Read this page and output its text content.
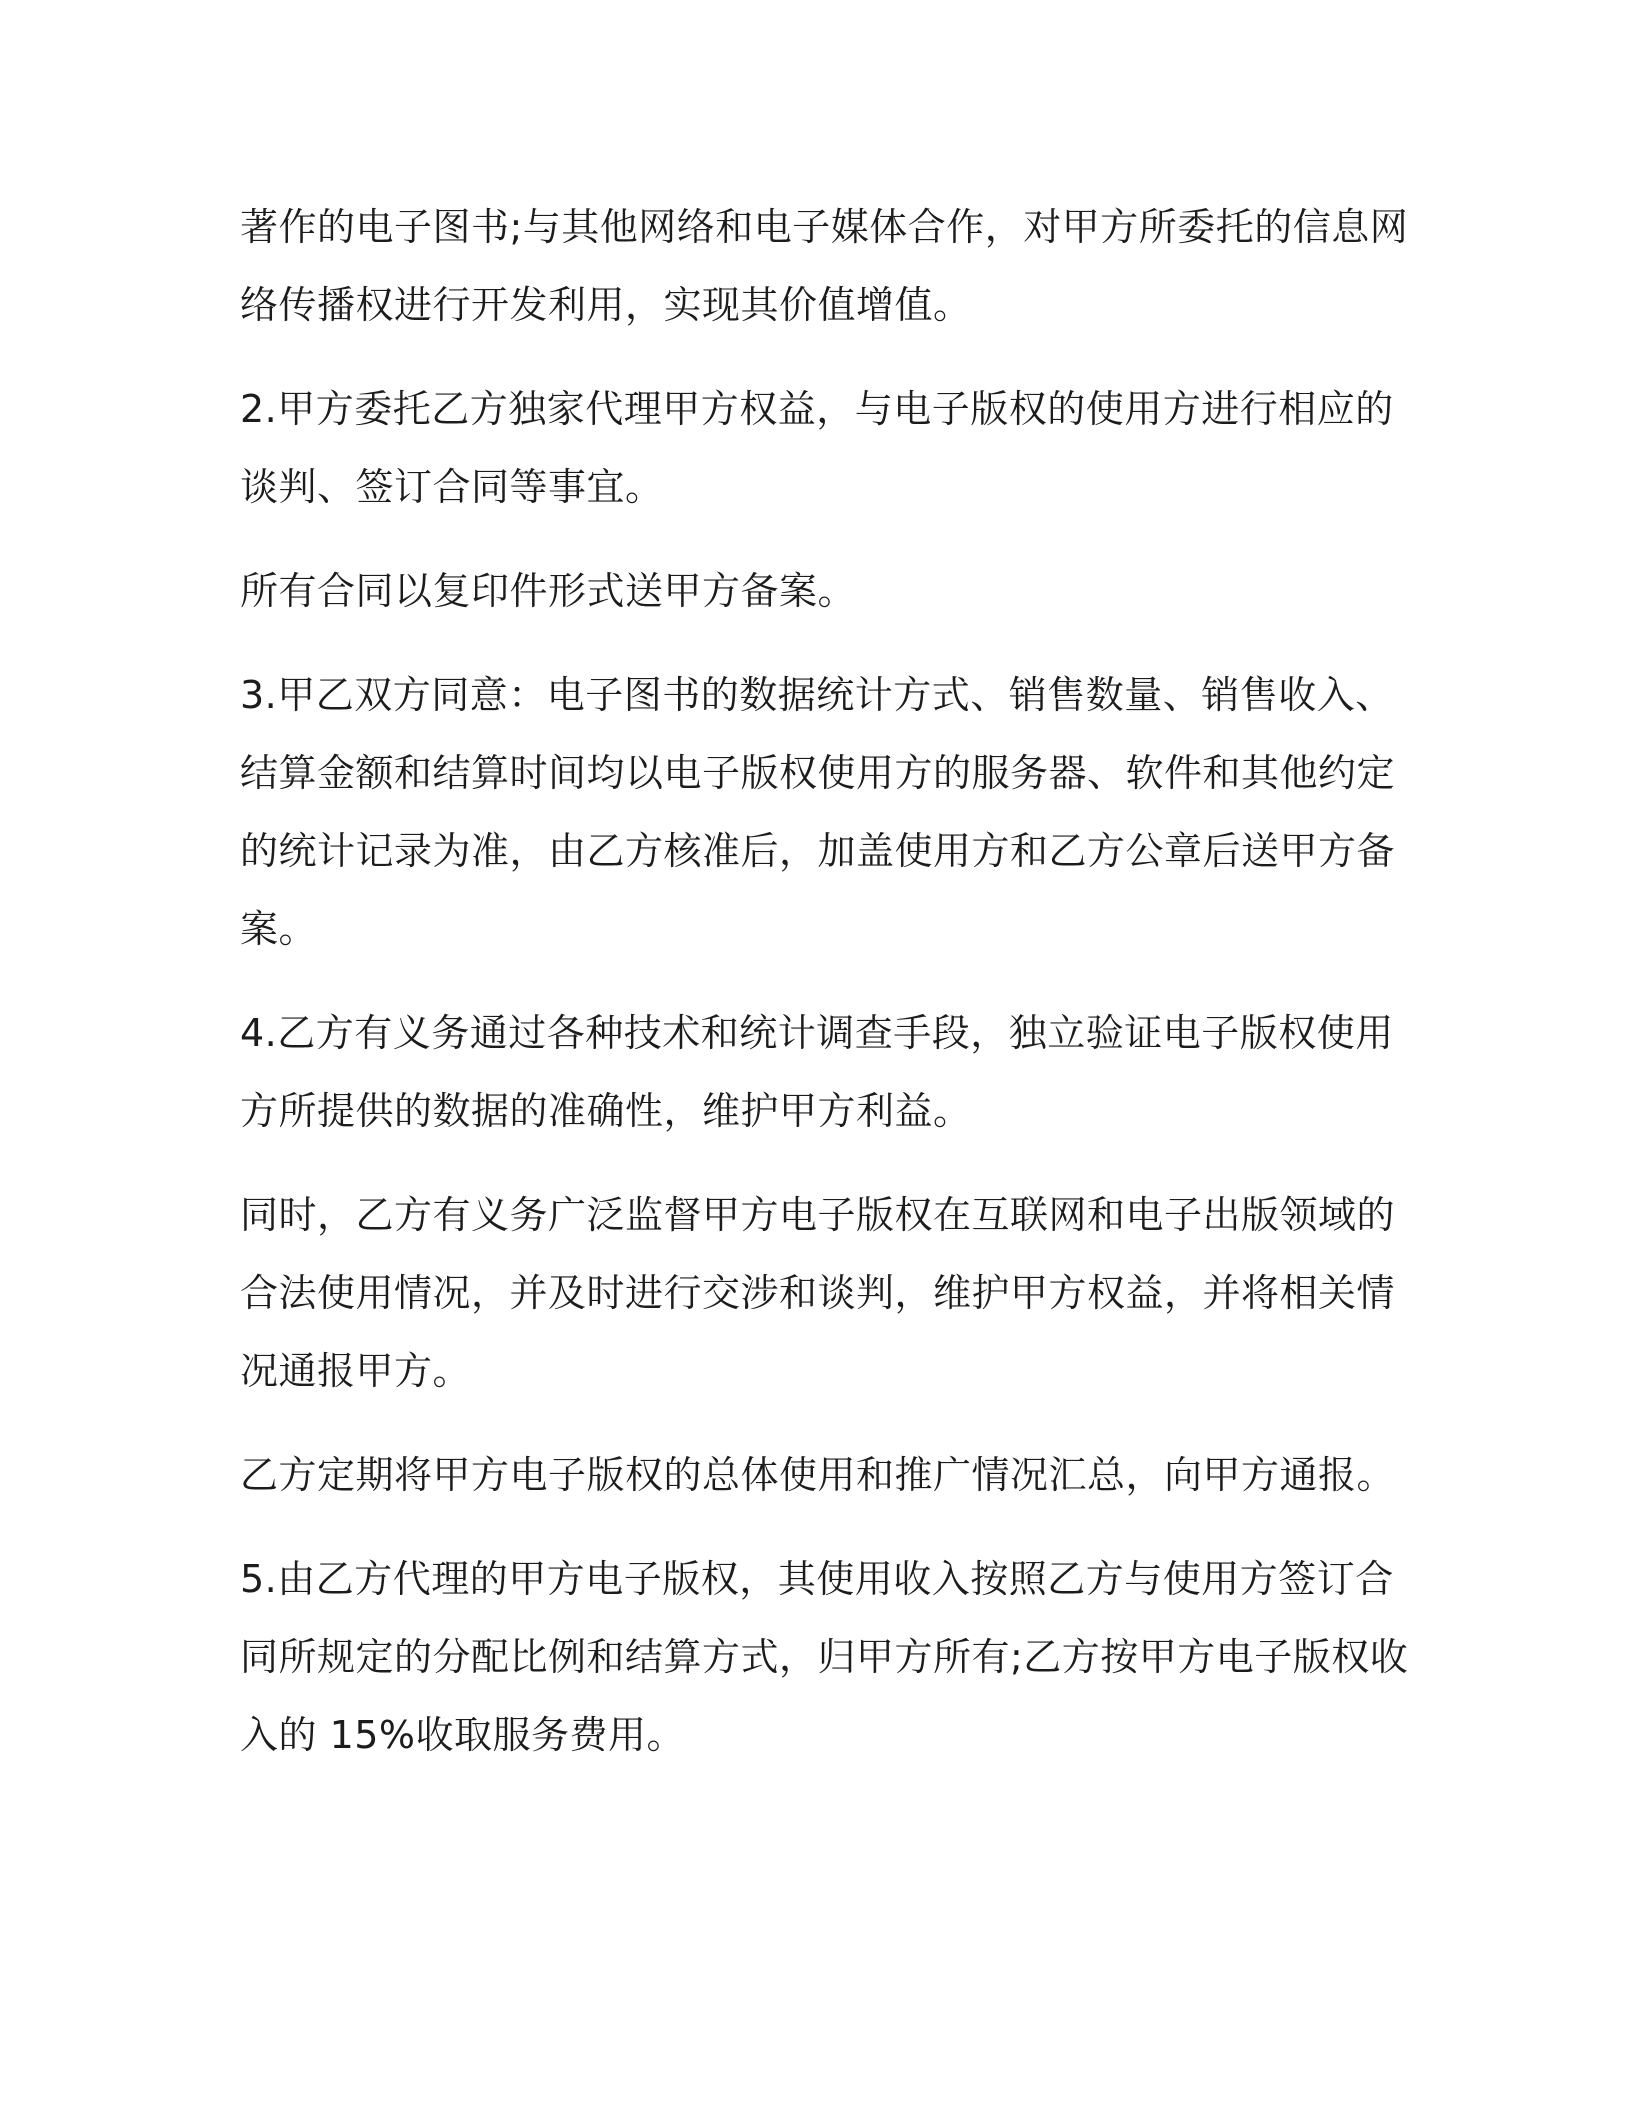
著作的电子图书;与其他网络和电子媒体合作，对甲方所委托的信息网
络传播权进行开发利用，实现其价值增值。

2.甲方委托乙方独家代理甲方权益，与电子版权的使用方进行相应的
谈判、签订合同等事宜。

所有合同以复印件形式送甲方备案。

3.甲乙双方同意：电子图书的数据统计方式、销售数量、销售收入、
结算金额和结算时间均以电子版权使用方的服务器、软件和其他约定
的统计记录为准，由乙方核准后，加盖使用方和乙方公章后送甲方备
案。

4.乙方有义务通过各种技术和统计调查手段，独立验证电子版权使用
方所提供的数据的准确性，维护甲方利益。

同时，乙方有义务广泛监督甲方电子版权在互联网和电子出版领域的
合法使用情况，并及时进行交涉和谈判，维护甲方权益，并将相关情
况通报甲方。

乙方定期将甲方电子版权的总体使用和推广情况汇总，向甲方通报。

5.由乙方代理的甲方电子版权，其使用收入按照乙方与使用方签订合
同所规定的分配比例和结算方式，归甲方所有;乙方按甲方电子版权收
入的 15%收取服务费用。
